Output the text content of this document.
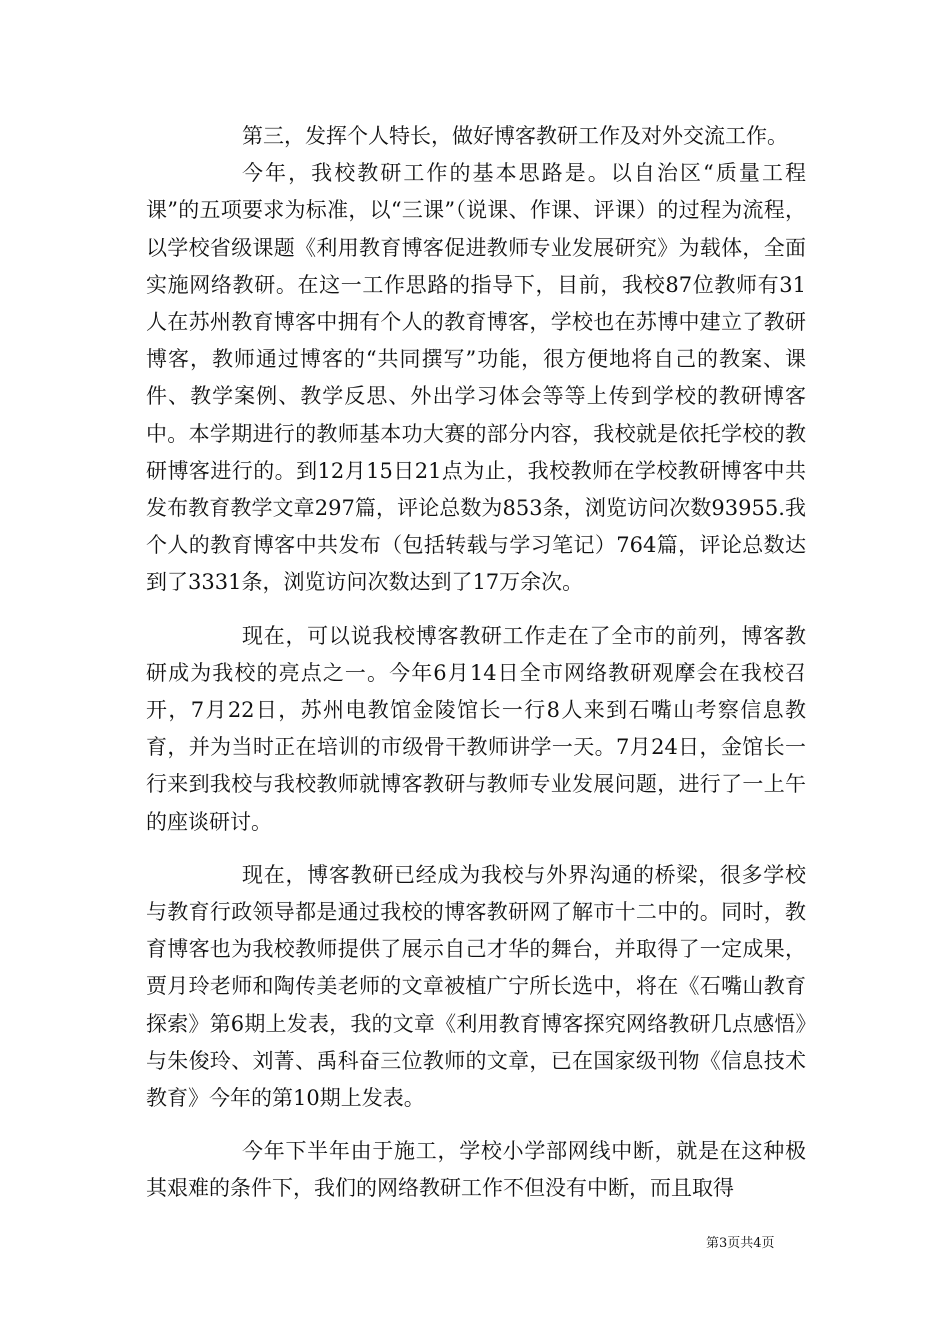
第三，发挥个人特长，做好博客教研工作及对外交流工作。

今年，我校教研工作的基本思路是。以自治区“质量工程课”的五项要求为标准，以“三课”（说课、作课、评课）的过程为流程，以学校省级课题《利用教育博客促进教师专业发展研究》为载体，全面实施网络教研。在这一工作思路的指导下，目前，我校87位教师有31人在苏州教育博客中拥有个人的教育博客，学校也在苏博中建立了教研博客，教师通过博客的“共同撰写”功能，很方便地将自己的教案、课件、教学案例、教学反思、外出学习体会等等上传到学校的教研博客中。本学期进行的教师基本功大赛的部分内容，我校就是依托学校的教研博客进行的。到12月15日21点为止，我校教师在学校教研博客中共发布教育教学文章297篇，评论总数为853条，浏览访问次数93955.我个人的教育博客中共发布（包括转载与学习笔记）764篇，评论总数达到了3331条，浏览访问次数达到了17万余次。

现在，可以说我校博客教研工作走在了全市的前列，博客教研成为我校的亮点之一。今年6月14日全市网络教研观摩会在我校召开，7月22日，苏州电教馆金陵馆长一行8人来到石嘴山考察信息教育，并为当时正在培训的市级骨干教师讲学一天。7月24日，金馆长一行来到我校与我校教师就博客教研与教师专业发展问题，进行了一上午的座谈研讨。

现在，博客教研已经成为我校与外界沟通的桥梁，很多学校与教育行政领导都是通过我校的博客教研网了解市十二中的。同时，教育博客也为我校教师提供了展示自己才华的舞台，并取得了一定成果，贾月玲老师和陶传美老师的文章被植广宁所长选中，将在《石嘴山教育探索》第6期上发表，我的文章《利用教育博客探究网络教研几点感悟》与朱俊玲、刘菁、禹科奋三位教师的文章，已在国家级刊物《信息技术教育》今年的第10期上发表。

今年下半年由于施工，学校小学部网线中断，就是在这种极其艰难的条件下，我们的网络教研工作不但没有中断，而且取得

第3页共4页
